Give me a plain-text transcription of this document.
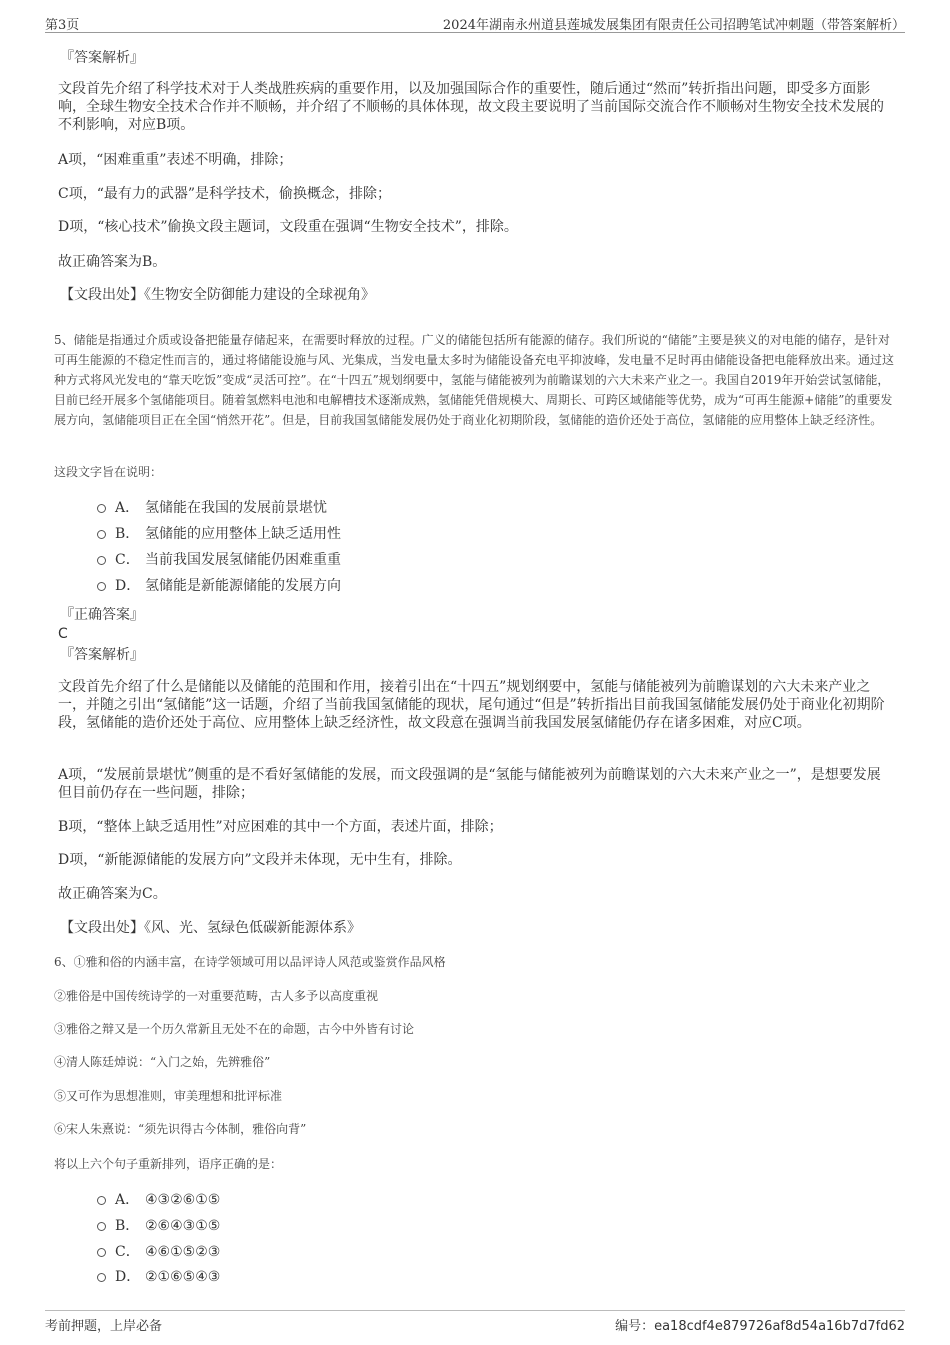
第3页	2024年湖南永州道县莲城发展集团有限责任公司招聘笔试冲刺题（带答案解析）
『答案解析』
文段首先介绍了科学技术对于人类战胜疾病的重要作用，以及加强国际合作的重要性，随后通过“然而”转折指出问题，即受多方面影响，全球生物安全技术合作并不顺畅，并介绍了不顺畅的具体体现，故文段主要说明了当前国际交流合作不顺畅对生物安全技术发展的不利影响，对应B项。
A项，“困难重重”表述不明确，排除；
C项，“最有力的武器”是科学技术，偷换概念，排除；
D项，“核心技术”偷换文段主题词，文段重在强调“生物安全技术”，排除。
故正确答案为B。
【文段出处】《生物安全防御能力建设的全球视角》
5、储能是指通过介质或设备把能量存储起来，在需要时释放的过程。广义的储能包括所有能源的储存。我们所说的“储能”主要是狭义的对电能的储存，是针对可再生能源的不稳定性而言的，通过将储能设施与风、光集成，当发电量太多时为储能设备充电平抑波峰，发电量不足时再由储能设备把电能释放出来。通过这种方式将风光发电的“靠天吃饭”变成“灵活可控”。在“十四五”规划纲要中，氢能与储能被列为前瞻谋划的六大未来产业之一。我国自2019年开始尝试氢储能，目前已经开展多个氢储能项目。随着氢燃料电池和电解槽技术逐渐成熟，氢储能凭借规模大、周期长、可跨区域储能等优势，成为“可再生能源+储能”的重要发展方向，氢储能项目正在全国“悄然开花”。但是，目前我国氢储能发展仍处于商业化初期阶段，氢储能的造价还处于高位，氢储能的应用整体上缺乏经济性。
这段文字旨在说明：
A． 氢储能在我国的发展前景堪忧
B． 氢储能的应用整体上缺乏适用性
C． 当前我国发展氢储能仍困难重重
D． 氢储能是新能源储能的发展方向
『正确答案』
C
『答案解析』
文段首先介绍了什么是储能以及储能的范围和作用，接着引出在“十四五”规划纲要中，氢能与储能被列为前瞻谋划的六大未来产业之一，并随之引出“氢储能”这一话题，介绍了当前我国氢储能的现状，尾句通过“但是”转折指出目前我国氢储能发展仍处于商业化初期阶段，氢储能的造价还处于高位、应用整体上缺乏经济性，故文段意在强调当前我国发展氢储能仍存在诸多困难，对应C项。
A项，“发展前景堪忧”侧重的是不看好氢储能的发展，而文段强调的是“氢能与储能被列为前瞻谋划的六大未来产业之一”，是想要发展但目前仍存在一些问题，排除；
B项，“整体上缺乏适用性”对应困难的其中一个方面，表述片面，排除；
D项，“新能源储能的发展方向”文段并未体现，无中生有，排除。
故正确答案为C。
【文段出处】《风、光、氢绿色低碳新能源体系》
6、①雅和俗的内涵丰富，在诗学领域可用以品评诗人风范或鉴赏作品风格
②雅俗是中国传统诗学的一对重要范畴，古人多予以高度重视
③雅俗之辩又是一个历久常新且无处不在的命题，古今中外皆有讨论
④清人陈廷焯说：“入门之始，先辨雅俗”
⑤又可作为思想准则，审美理想和批评标准
⑥宋人朱熹说：“须先识得古今体制，雅俗向背”
将以上六个句子重新排列，语序正确的是：
A． ④③②⑥①⑤
B． ②⑥④③①⑤
C． ④⑥①⑤②③
D． ②①⑥⑤④③
考前押题，上岸必备	编号：ea18cdf4e879726af8d54a16b7d7fd62
